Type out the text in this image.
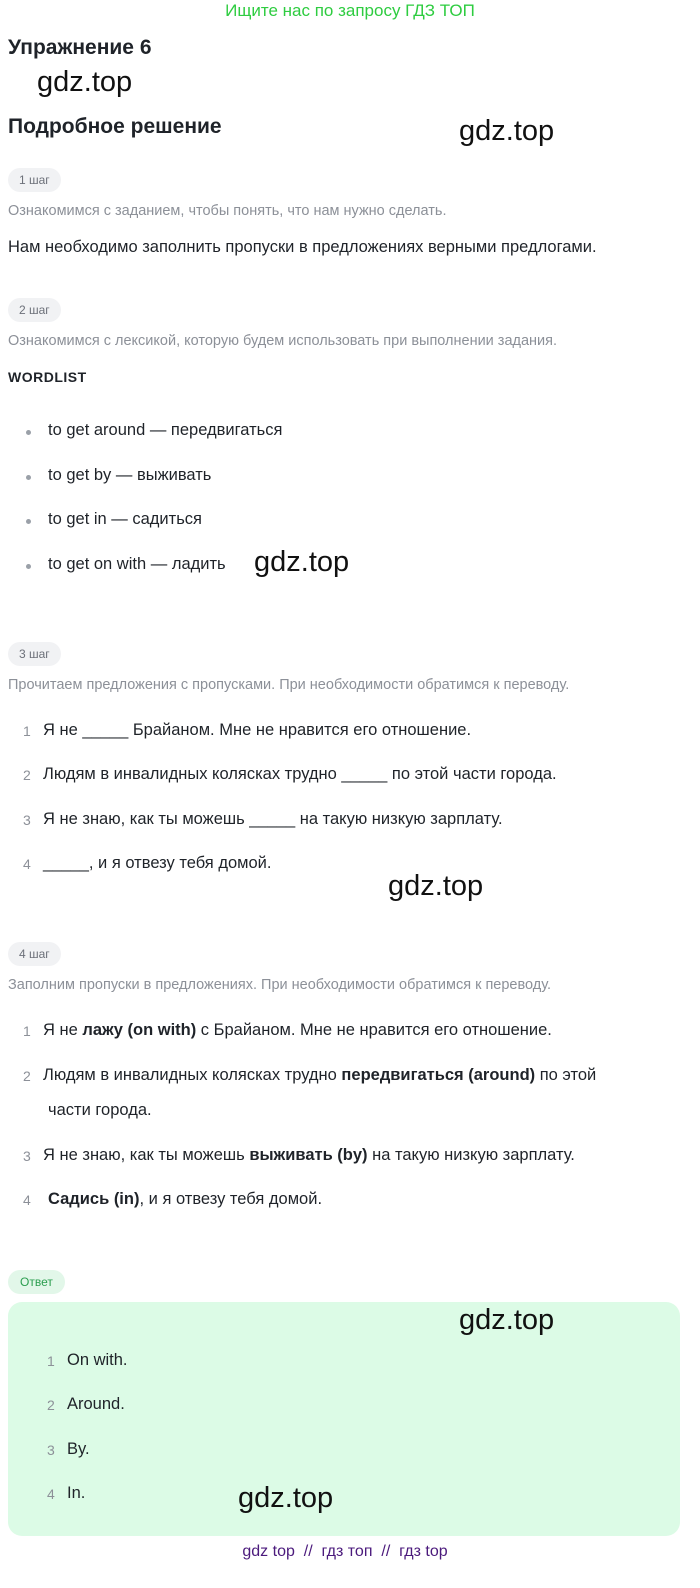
Ищите нас по запросу ГДЗ ТОП
Упражнение 6
gdz.top
Подробное решение	gdz.top
1 шаг
Ознакомимся с заданием, чтобы понять, что нам нужно сделать.
Нам необходимо заполнить пропуски в предложениях верными предлогами.
2 шаг
Ознакомимся с лексикой, которую будем использовать при выполнении задания.
WORDLIST
to get around — передвигаться
to get by — выживать
to get in — садиться
to get on with — ладить gdz.top
3 шаг
Прочитаем предложения с пропусками. При необходимости обратимся к переводу.
1 Я не _____ Брайаном. Мне не нравится его отношение.
2 Людям в инвалидных колясках трудно _____ по этой части города.
3 Я не знаю, как ты можешь _____ на такую низкую зарплату.
4 _____, и я отвезу тебя домой.
gdz.top
4 шаг
Заполним пропуски в предложениях. При необходимости обратимся к переводу.
1 Я не лажу (on with) с Брайаном. Мне не нравится его отношение.
2 Людям в инвалидных колясках трудно передвигаться (around) по этой
части города.
3 Я не знаю, как ты можешь выживать (by) на такую низкую зарплату.
4 Садись (in), и я отвезу тебя домой.
Ответ
gdz.top
1 On with.
2 Around.
3 By.
4 In.	gdz.top
gdz top  //  гдз топ  //  гдз top
